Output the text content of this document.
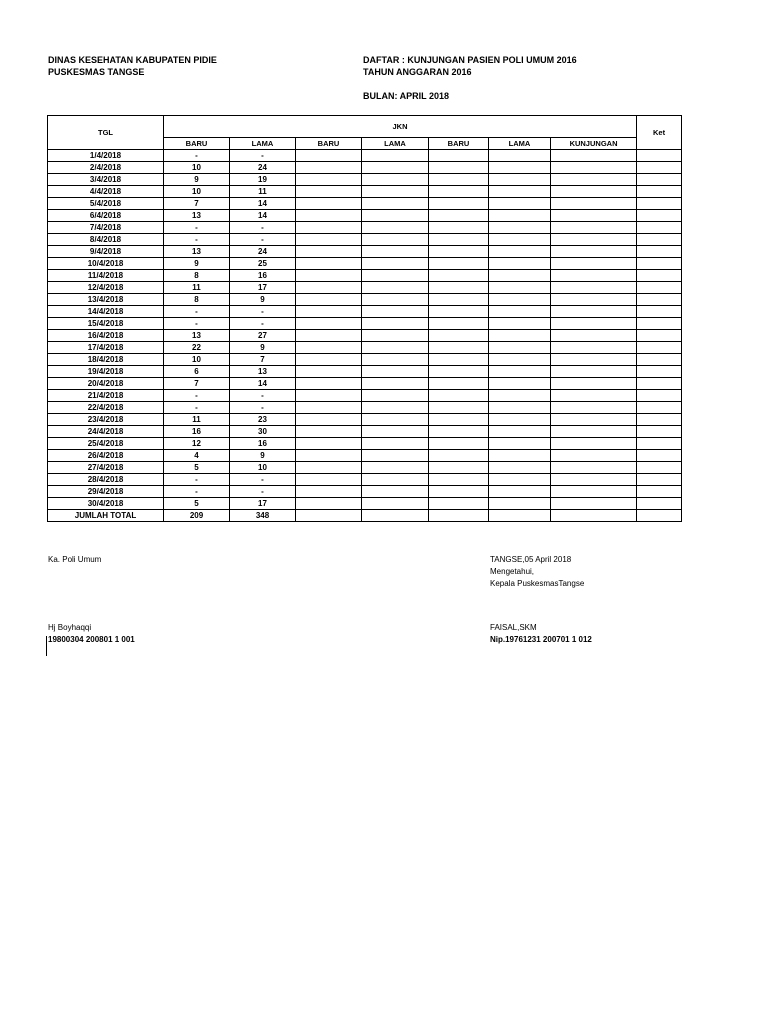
DINAS KESEHATAN KABUPATEN PIDIE
PUSKESMAS TANGSE
DAFTAR : KUNJUNGAN PASIEN POLI UMUM 2016
TAHUN ANGGARAN 2016
BULAN: APRIL 2018
TGL	JKN							Ket
	BARU	LAMA	BARU	LAMA	BARU	LAMA	KUNJUNGAN	
1/4/2018	-	-						
2/4/2018	10	24						
3/4/2018	9	19						
4/4/2018	10	11						
5/4/2018	7	14						
6/4/2018	13	14						
7/4/2018	-	-						
8/4/2018	-	-						
9/4/2018	13	24						
10/4/2018	9	25						
11/4/2018	8	16						
12/4/2018	11	17						
13/4/2018	8	9						
14/4/2018	-	-						
15/4/2018	-	-						
16/4/2018	13	27						
17/4/2018	22	9						
18/4/2018	10	7						
19/4/2018	6	13						
20/4/2018	7	14						
21/4/2018	-	-						
22/4/2018	-	-						
23/4/2018	11	23						
24/4/2018	16	30						
25/4/2018	12	16						
26/4/2018	4	9						
27/4/2018	5	10						
28/4/2018	-	-						
29/4/2018	-	-						
30/4/2018	5	17						
JUMLAH TOTAL	209	348						
Ka. Poli Umum
Hj Boyhaqqi
19800304 200801 1 001
TANGSE,05 April 2018
Mengetahui,
Kepala PuskesmasTangse
FAISAL,SKM
Nip.19761231 200701 1 012
